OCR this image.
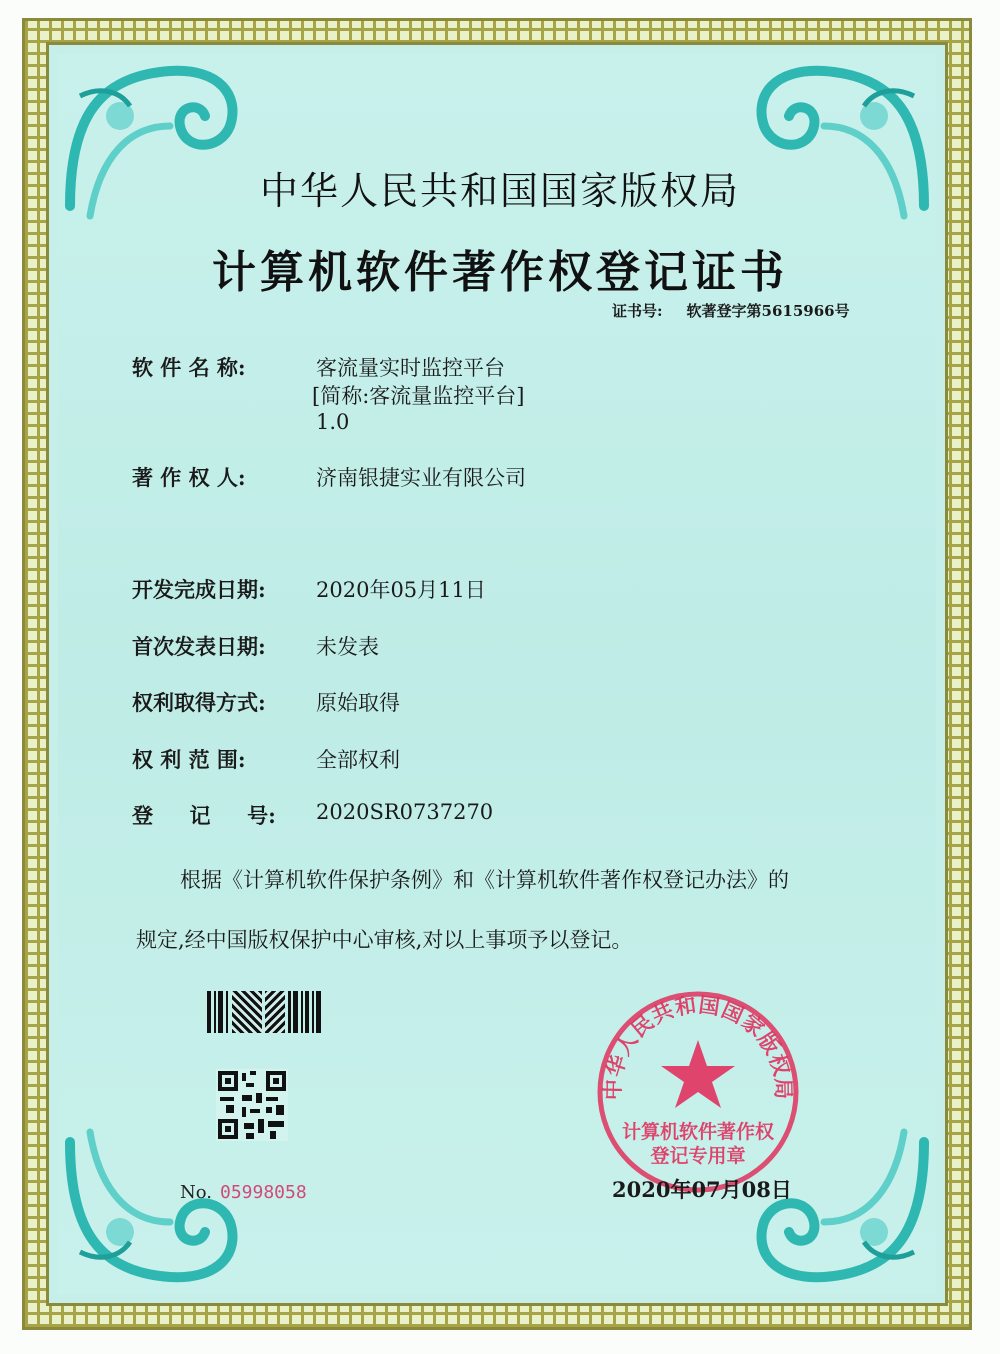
中华人民共和国国家版权局
计算机软件著作权登记证书
证书号: 软著登字第5615966号
软 件 名 称:	客流量实时监控平台
[简称:客流量监控平台]
1.0
著 作 权 人:	济南银捷实业有限公司
开发完成日期: 2020年05月11日
首次发表日期: 未发表
权利取得方式: 原始取得
权 利 范 围:	全部权利
登     记     号: 2020SR0737270
根据《计算机软件保护条例》和《计算机软件著作权登记办法》的
规定,经中国版权保护中心审核,对以上事项予以登记。
No. 05998058
中华人民共和国国家版权局
计算机软件著作权
登记专用章
2020年07月08日
